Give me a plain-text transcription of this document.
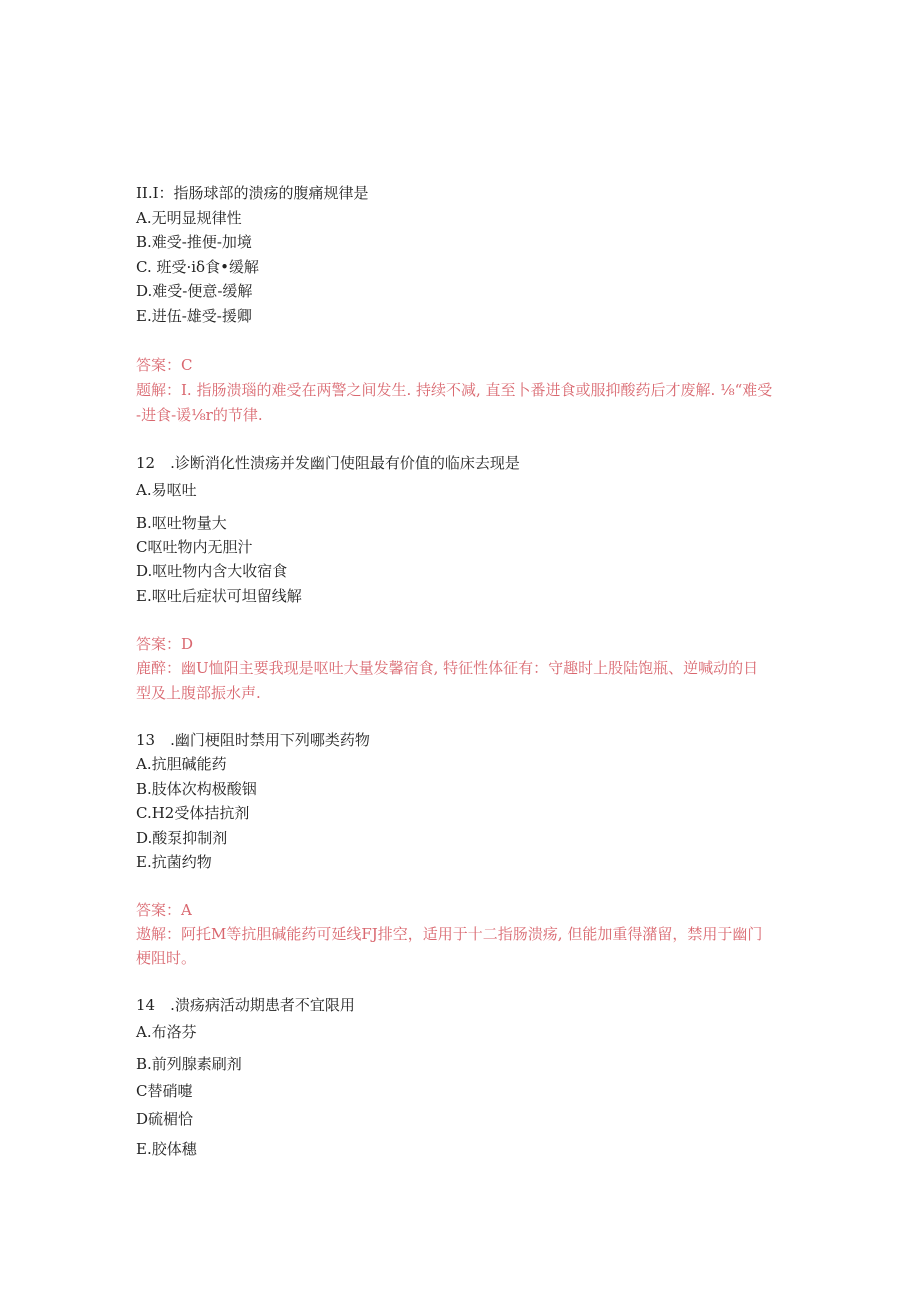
II.I：指肠球部的溃疡的腹痛规律是
A.无明显规律性
B.难受-推便-加境
C. 班受·iδ食•缓解
D.难受-便意-缓解
E.进伍-雄受-援卿
答案：C
题解：I. 指肠溃瑙的难受在两警之间发生. 持续不减, 直至卜番进食或服抑酸药后才废解. ⅛“难受
-进食-谖⅛r的节律.
12　.诊断消化性溃疡并发幽门使阻最有价值的临床去现是
A.易呕吐
B.呕吐物量大
C呕吐物内无胆汁
D.呕吐物内含大收宿食
E.呕吐后症状可坦留线解
答案：D
鹿醉：幽U恤阳主要我现是呕吐大量发馨宿食, 特征性体征有：守趣时上股陆饱瓶、逆喊动的日
型及上腹部振水声.
13　.幽门梗阻时禁用下列哪类药物
A.抗胆碱能药
B.肢体次构极酸铟
C.H2受体拮抗剂
D.酸泵抑制剂
E.抗菌约物
答案：A
遨解：阿托M等抗胆碱能药可延线FJ排空，适用于十二指肠溃疡, 但能加重得潴留，禁用于幽门
梗阻时。
14　.溃疡病活动期患者不宜限用
A.布洛芬
B.前列腺素刷剂
C替硝嚏
D硫楣恰
E.胶体穗
